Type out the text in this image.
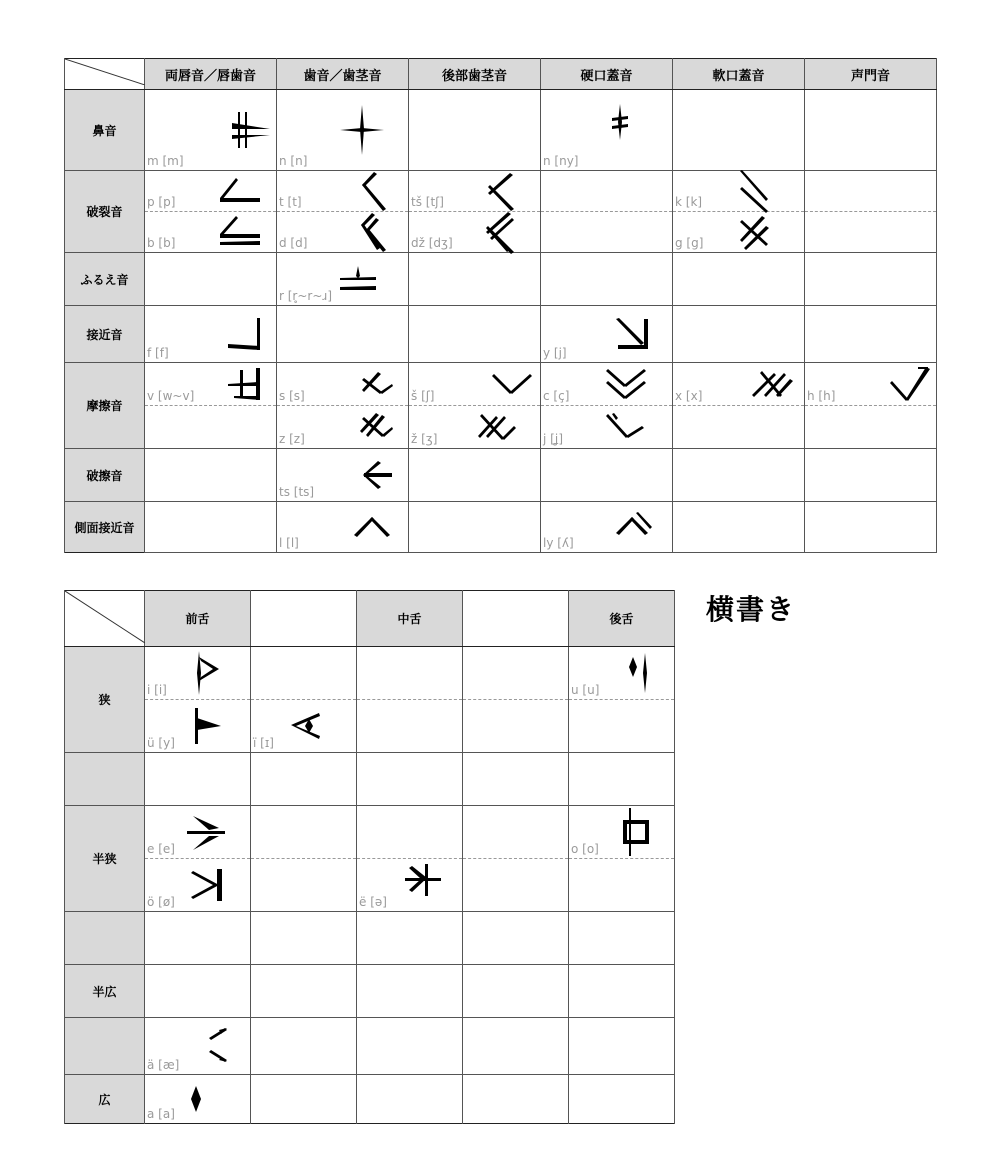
	両唇音／唇歯音	歯音／歯茎音	後部歯茎音	硬口蓋音	軟口蓋音	声門音
鼻音	m [m]	n [n]		n [ny]		

破裂音	p [p]	t [t]	tš [tʃ]		k [k]	

	b [b]	d [d]	dž [dʒ]		g [g]	

ふるえ音		r [r̥~r~ɹ]				

接近音	f [f]			y [j]		

摩擦音	v [w~v]	s [s]	š [ʃ]	c [ç]	x [x]	h [h]

		z [z]	ž [ʒ]	j [ʝ]		

破擦音		ts [ts]				

側面接近音		l [l]		ly [ʎ]		

	前舌		中舌		後舌
狭	i [i]				u [u]

	ü [y]	ï [ɪ]			

半狭	e [e]				o [o]

	ö [ø]		ë [ə]		

半広					

	ä [æ]				

広	a [a]				

横書き
